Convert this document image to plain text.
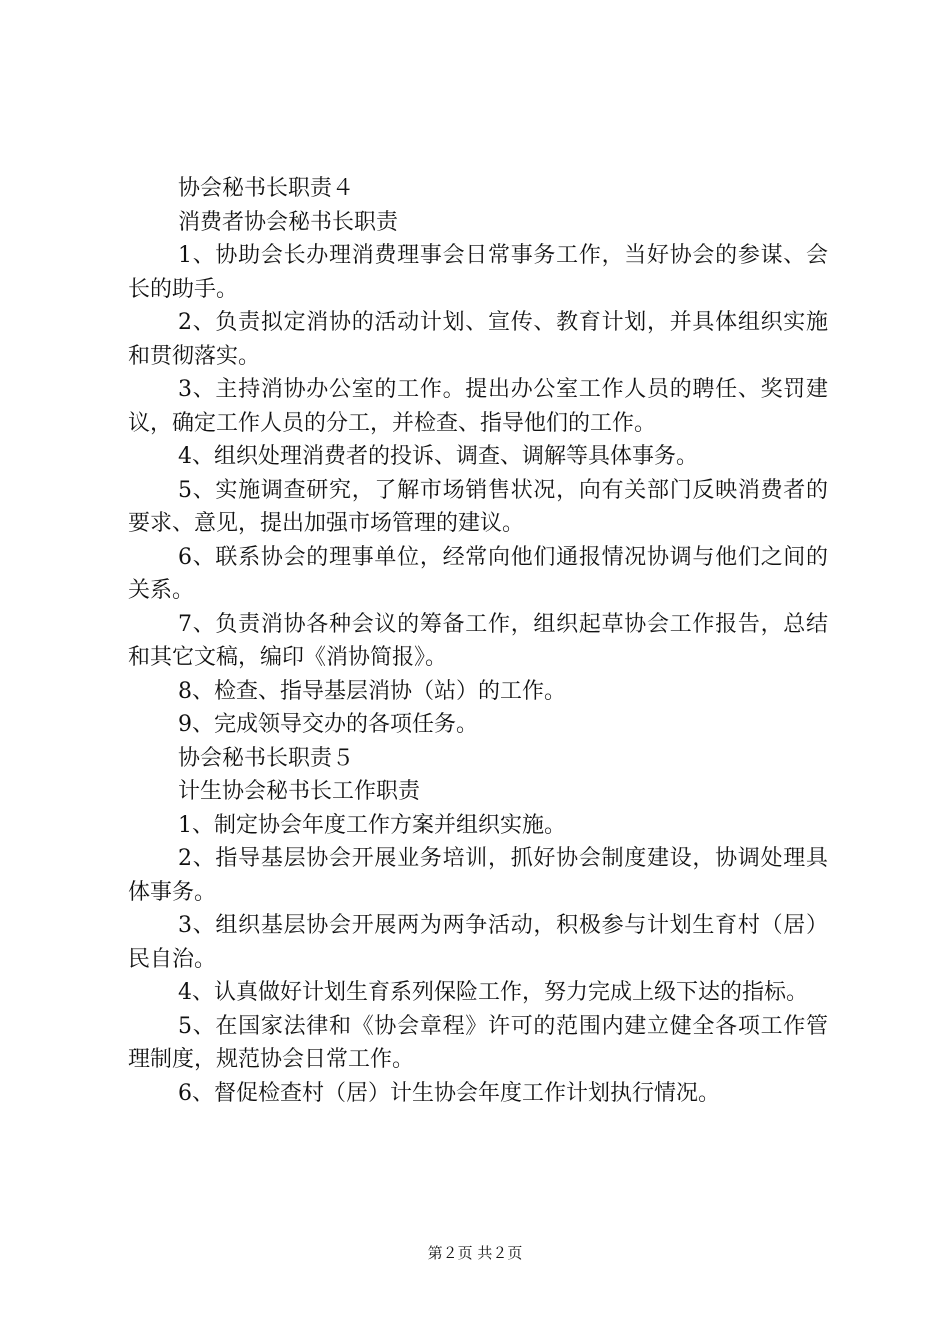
协会秘书长职责４

消费者协会秘书长职责

1、协助会长办理消费理事会日常事务工作，当好协会的参谋、会长的助手。

2、负责拟定消协的活动计划、宣传、教育计划，并具体组织实施和贯彻落实。

3、主持消协办公室的工作。提出办公室工作人员的聘任、奖罚建议，确定工作人员的分工，并检查、指导他们的工作。

4、组织处理消费者的投诉、调查、调解等具体事务。

5、实施调查研究，了解市场销售状况，向有关部门反映消费者的要求、意见，提出加强市场管理的建议。

6、联系协会的理事单位，经常向他们通报情况协调与他们之间的关系。

7、负责消协各种会议的筹备工作，组织起草协会工作报告，总结和其它文稿，编印《消协简报》。

8、检查、指导基层消协（站）的工作。

9、完成领导交办的各项任务。

协会秘书长职责５

计生协会秘书长工作职责

1、制定协会年度工作方案并组织实施。

2、指导基层协会开展业务培训，抓好协会制度建设，协调处理具体事务。

3、组织基层协会开展两为两争活动，积极参与计划生育村（居）民自治。

4、认真做好计划生育系列保险工作，努力完成上级下达的指标。

5、在国家法律和《协会章程》许可的范围内建立健全各项工作管理制度，规范协会日常工作。

6、督促检查村（居）计生协会年度工作计划执行情况。

第２页 共２页
